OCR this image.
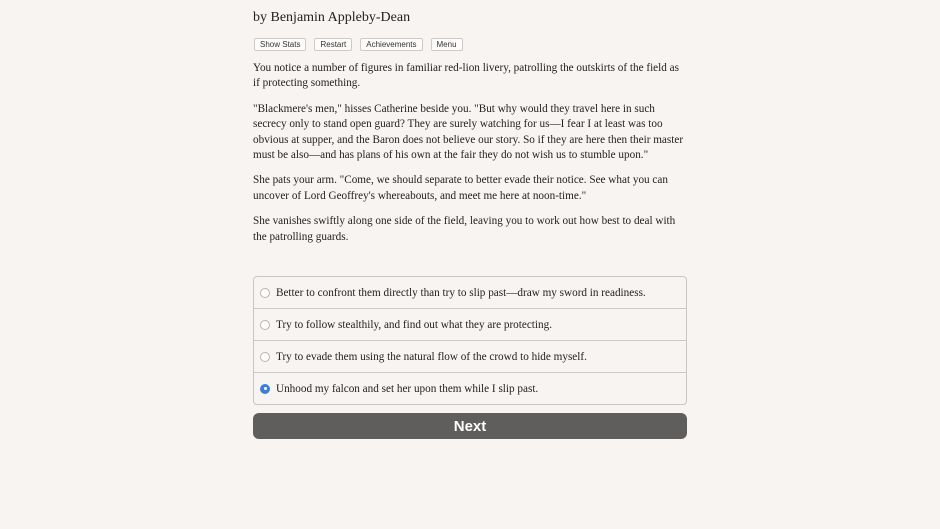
by Benjamin Appleby-Dean
Show Stats	Restart	Achievements	Menu

You notice a number of figures in familiar red-lion livery, patrolling the outskirts of the field as if protecting something.

"Blackmere's men," hisses Catherine beside you. "But why would they travel here in such secrecy only to stand open guard? They are surely watching for us—I fear I at least was too obvious at supper, and the Baron does not believe our story. So if they are here then their master must be also—and has plans of his own at the fair they do not wish us to stumble upon."

She pats your arm. "Come, we should separate to better evade their notice. See what you can uncover of Lord Geoffrey's whereabouts, and meet me here at noon-time."

She vanishes swiftly along one side of the field, leaving you to work out how best to deal with the patrolling guards.

Better to confront them directly than try to slip past—draw my sword in readiness.
Try to follow stealthily, and find out what they are protecting.
Try to evade them using the natural flow of the crowd to hide myself.
Unhood my falcon and set her upon them while I slip past.
Next
